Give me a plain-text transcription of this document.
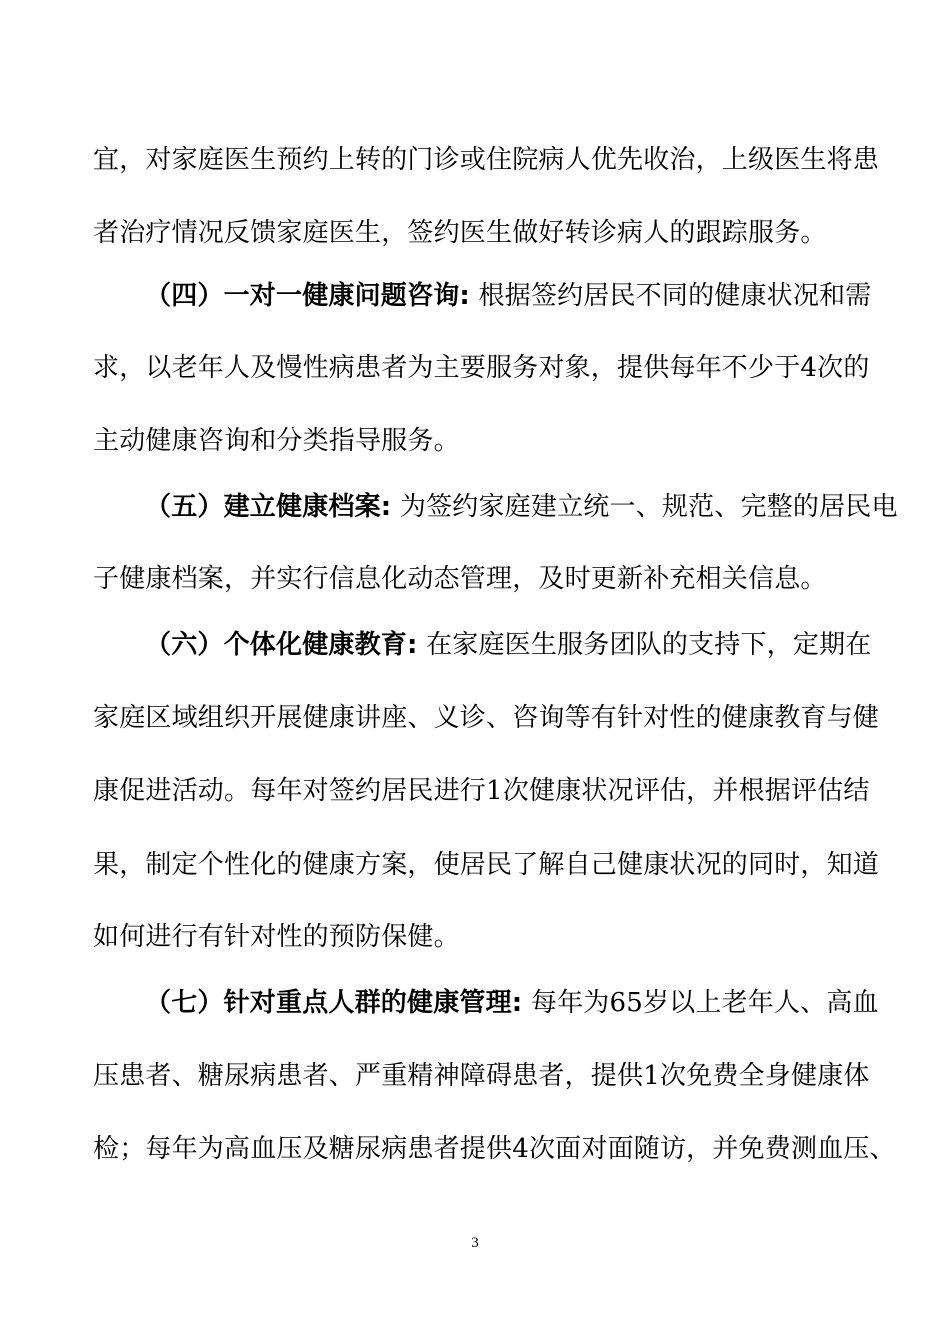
宜，对家庭医生预约上转的门诊或住院病人优先收治，上级医生将患
者治疗情况反馈家庭医生，签约医生做好转诊病人的跟踪服务。
（四）一对一健康问题咨询: 根据签约居民不同的健康状况和需
求，以老年人及慢性病患者为主要服务对象，提供每年不少于4次的
主动健康咨询和分类指导服务。
（五）建立健康档案: 为签约家庭建立统一、规范、完整的居民电
子健康档案，并实行信息化动态管理，及时更新补充相关信息。
（六）个体化健康教育: 在家庭医生服务团队的支持下，定期在
家庭区域组织开展健康讲座、义诊、咨询等有针对性的健康教育与健
康促进活动。每年对签约居民进行1次健康状况评估，并根据评估结
果，制定个性化的健康方案，使居民了解自己健康状况的同时，知道
如何进行有针对性的预防保健。
（七）针对重点人群的健康管理: 每年为65岁以上老年人、高血
压患者、糖尿病患者、严重精神障碍患者，提供1次免费全身健康体
检；每年为高血压及糖尿病患者提供4次面对面随访，并免费测血压、
3
